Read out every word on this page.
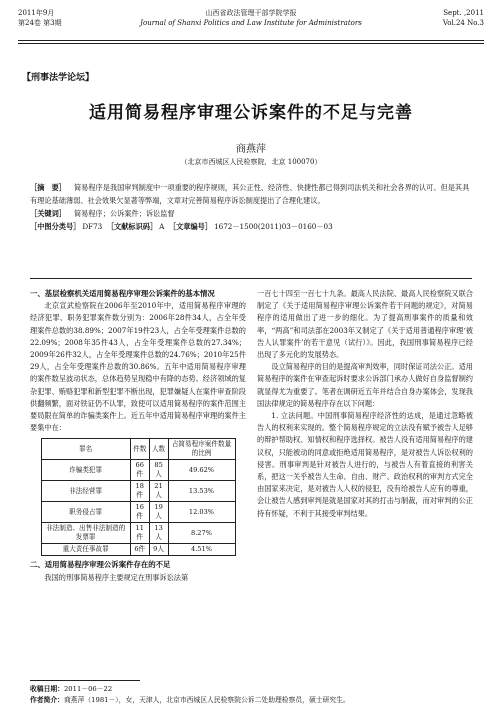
2011年9月
第24卷 第3期
山西省政法管理干部学院学报
Journal of Shanxi Politics and Law Institute for Administrators
Sept. ,2011
Vol.24 No.3
【刑事法学论坛】
适用简易程序审理公诉案件的不足与完善
商燕萍
（北京市西城区人民检察院，北京 100070）

［摘　要］ 简易程序是我国审判制度中一项重要的程序规则，其公正性、经济性、快捷性都已得到司法机关和社会各界的认可。但是其具有理论基础薄弱、社会效果欠显著等弊端，文章对完善简易程序诉讼制度提出了合理化建议。

［关键词］ 简易程序；公诉案件；诉讼监督

［中图分类号］ DF73 ［文献标识码］ A ［文章编号］ 1672－1500(2011)03－0160－03

一、基层检察机关适用简易程序审理公诉案件的基本情况

北京宣武检察院在2006年至2010年中，适用简易程序审理的经济犯罪、职务犯罪案件数分别为：2006年28件34人，占全年受理案件总数的38.89%；2007年19件23人，占全年受理案件总数的22.09%；2008年35件43人，占全年受理案件总数的27.34%；2009年26件32人，占全年受理案件总数的24.76%；2010年25件29人，占全年受理案件总数的30.86%。五年中适用简易程序审理的案件数呈波动状态，总体趋势呈现稳中有降的态势。经济领域的复杂犯罪、贿赂犯罪和新型犯罪不断出现，犯罪嫌疑人在案件审查阶段供翻频繁，面对铁证仍不认罪，致使可以适用简易程序的案件范围主要局限在简单的诈骗类案件上。近五年中适用简易程序审理的案件主要集中在：

罪名	件数	人数	占简易程序案件数量的比例
诈骗类犯罪	66件	85人	49.62%
非法经营罪	18件	21人	13.53%
职务侵占罪	16件	19人	12.03%
非法制造、出售非法制造的发票罪	11件	13人	8.27%
重大责任事故罪	6件	9人	4.51%
二、适用简易程序审理公诉案件存在的不足

我国的刑事简易程序主要规定在刑事诉讼法第

一百七十四至一百七十九条。最高人民法院、最高人民检察院又联合制定了《关于适用简易程序审理公诉案件若干问题的规定》，对简易程序的适用做出了进一步的细化。为了提高刑事案件的质量和效率，“两高”和司法部在2003年又制定了《关于适用普通程序审理‘被告人认罪案件’的若干意见（试行）》。因此，我国刑事简易程序已经出现了多元化的发展势态。

设立简易程序的目的是提高审判效率，同时保证司法公正。适用简易程序的案件在审查起诉时要求公诉部门承办人做好自身监督制约就显得尤为重要了。笔者在调研近五年并结合自身办案体会，发现我国法律规定的简易程序存在以下问题：

1. 立法问题。中国刑事简易程序经济性的达成，是通过忽略被告人的权利来实现的。整个简易程序规定的立法没有赋予被告人足够的辩护帮助权、知情权和程序选择权。被告人没有适用简易程序的建议权，只能被动的同意或拒绝适用简易程序，是对被告人诉讼权利的侵害。刑事审判是针对被告人进行的，与被告人有着直接的利害关系，把这一关乎被告人生命、自由、财产、政治权利的审判方式完全由国家来决定，是对被告人人权的侵犯，没有给被告人应有的尊重，会让被告人感到审判是就是国家对其的打击与制裁，而对审判的公正持有怀疑，不利于其接受审判结果。

收稿日期：2011－06－22
作者简介：商燕萍（1981－），女，天津人，北京市西城区人民检察院公诉二处助理检察员，硕士研究生。
